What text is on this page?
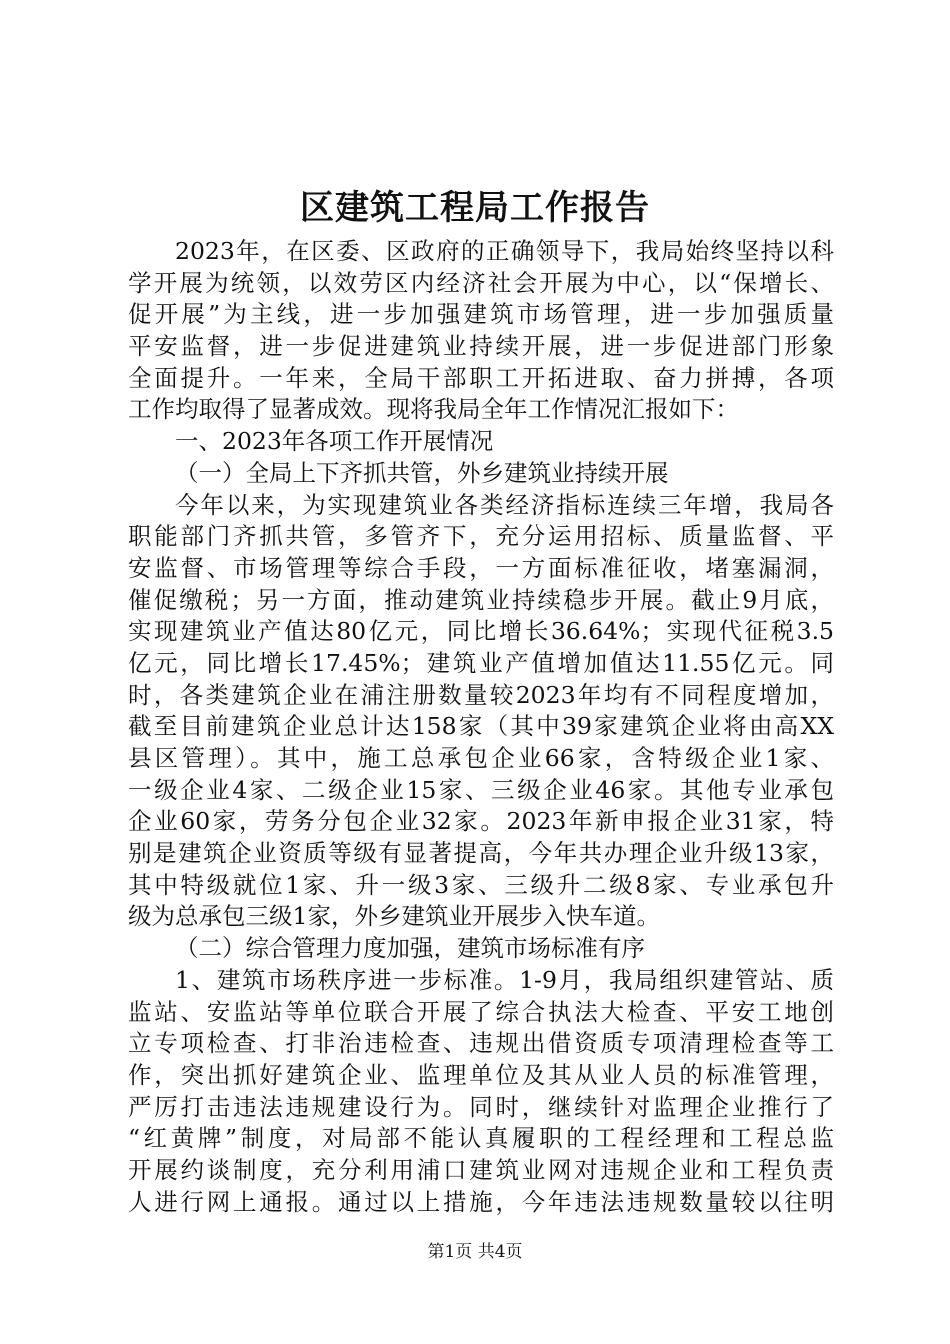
区建筑工程局工作报告
2023年，在区委、区政府的正确领导下，我局始终坚持以科
学开展为统领，以效劳区内经济社会开展为中心，以“保增长、
促开展”为主线，进一步加强建筑市场管理，进一步加强质量
平安监督，进一步促进建筑业持续开展，进一步促进部门形象
全面提升。一年来，全局干部职工开拓进取、奋力拼搏，各项
工作均取得了显著成效。现将我局全年工作情况汇报如下：
一、2023年各项工作开展情况
（一）全局上下齐抓共管，外乡建筑业持续开展
今年以来，为实现建筑业各类经济指标连续三年增，我局各
职能部门齐抓共管，多管齐下，充分运用招标、质量监督、平
安监督、市场管理等综合手段，一方面标准征收，堵塞漏洞，
催促缴税；另一方面，推动建筑业持续稳步开展。截止9月底，
实现建筑业产值达80亿元，同比增长36.64%；实现代征税3.5
亿元，同比增长17.45%；建筑业产值增加值达11.55亿元。同
时，各类建筑企业在浦注册数量较2023年均有不同程度增加，
截至目前建筑企业总计达158家（其中39家建筑企业将由高XX
县区管理）。其中，施工总承包企业66家，含特级企业1家、
一级企业4家、二级企业15家、三级企业46家。其他专业承包
企业60家，劳务分包企业32家。2023年新申报企业31家，特
别是建筑企业资质等级有显著提高，今年共办理企业升级13家，
其中特级就位1家、升一级3家、三级升二级8家、专业承包升
级为总承包三级1家，外乡建筑业开展步入快车道。
（二）综合管理力度加强，建筑市场标准有序
1、建筑市场秩序进一步标准。1-9月，我局组织建管站、质
监站、安监站等单位联合开展了综合执法大检查、平安工地创
立专项检查、打非治违检查、违规出借资质专项清理检查等工
作，突出抓好建筑企业、监理单位及其从业人员的标准管理，
严厉打击违法违规建设行为。同时，继续针对监理企业推行了
“红黄牌”制度，对局部不能认真履职的工程经理和工程总监
开展约谈制度，充分利用浦口建筑业网对违规企业和工程负责
人进行网上通报。通过以上措施，今年违法违规数量较以往明
第1页 共4页
